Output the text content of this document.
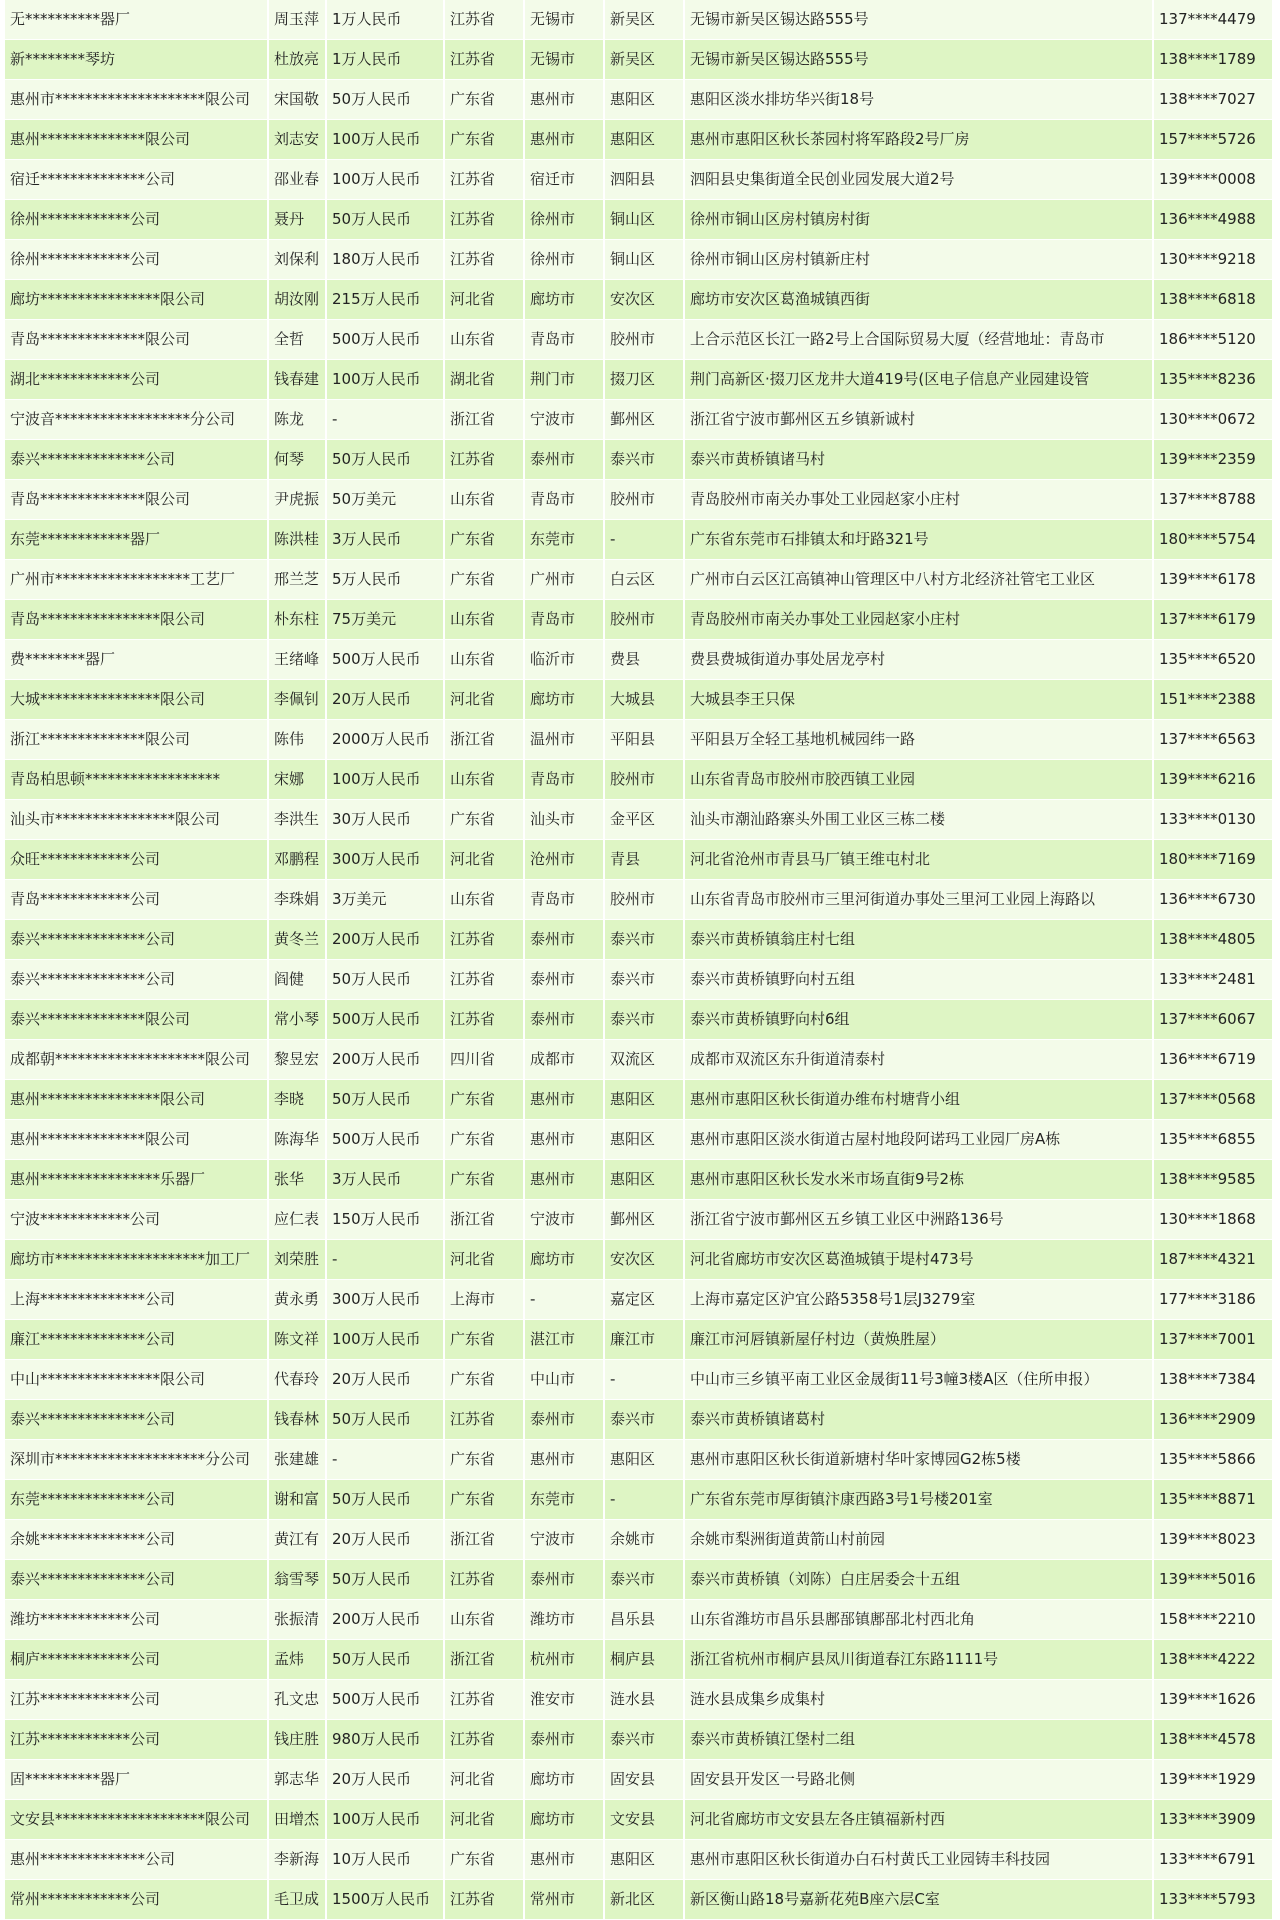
无**********器厂	周玉萍	1万人民币	江苏省	无锡市	新吴区	无锡市新吴区锡达路555号	137****4479
新********琴坊	杜放亮	1万人民币	江苏省	无锡市	新吴区	无锡市新吴区锡达路555号	138****1789
惠州市********************限公司	宋国敬	50万人民币	广东省	惠州市	惠阳区	惠阳区淡水排坊华兴街18号	138****7027
惠州**************限公司	刘志安	100万人民币	广东省	惠州市	惠阳区	惠州市惠阳区秋长茶园村将军路段2号厂房	157****5726
宿迁**************公司	邵业春	100万人民币	江苏省	宿迁市	泗阳县	泗阳县史集街道全民创业园发展大道2号	139****0008
徐州************公司	聂丹	50万人民币	江苏省	徐州市	铜山区	徐州市铜山区房村镇房村街	136****4988
徐州************公司	刘保利	180万人民币	江苏省	徐州市	铜山区	徐州市铜山区房村镇新庄村	130****9218
廊坊****************限公司	胡汝刚	215万人民币	河北省	廊坊市	安次区	廊坊市安次区葛渔城镇西街	138****6818
青岛**************限公司	全哲	500万人民币	山东省	青岛市	胶州市	上合示范区长江一路2号上合国际贸易大厦（经营地址：青岛市	186****5120
湖北************公司	钱春建	100万人民币	湖北省	荆门市	掇刀区	荆门高新区·掇刀区龙井大道419号(区电子信息产业园建设管	135****8236
宁波音******************分公司	陈龙	-	浙江省	宁波市	鄞州区	浙江省宁波市鄞州区五乡镇新诚村	130****0672
泰兴**************公司	何琴	50万人民币	江苏省	泰州市	泰兴市	泰兴市黄桥镇诸马村	139****2359
青岛**************限公司	尹虎振	50万美元	山东省	青岛市	胶州市	青岛胶州市南关办事处工业园赵家小庄村	137****8788
东莞************器厂	陈洪桂	3万人民币	广东省	东莞市	-	广东省东莞市石排镇太和圩路321号	180****5754
广州市******************工艺厂	邢兰芝	5万人民币	广东省	广州市	白云区	广州市白云区江高镇神山管理区中八村方北经济社管宅工业区	139****6178
青岛****************限公司	朴东柱	75万美元	山东省	青岛市	胶州市	青岛胶州市南关办事处工业园赵家小庄村	137****6179
费********器厂	王绪峰	500万人民币	山东省	临沂市	费县	费县费城街道办事处居龙亭村	135****6520
大城****************限公司	李佩钊	20万人民币	河北省	廊坊市	大城县	大城县李王只保	151****2388
浙江**************限公司	陈伟	2000万人民币	浙江省	温州市	平阳县	平阳县万全轻工基地机械园纬一路	137****6563
青岛柏思顿******************	宋娜	100万人民币	山东省	青岛市	胶州市	山东省青岛市胶州市胶西镇工业园	139****6216
汕头市****************限公司	李洪生	30万人民币	广东省	汕头市	金平区	汕头市潮汕路寨头外围工业区三栋二楼	133****0130
众旺************公司	邓鹏程	300万人民币	河北省	沧州市	青县	河北省沧州市青县马厂镇王维屯村北	180****7169
青岛************公司	李珠娟	3万美元	山东省	青岛市	胶州市	山东省青岛市胶州市三里河街道办事处三里河工业园上海路以	136****6730
泰兴**************公司	黄冬兰	200万人民币	江苏省	泰州市	泰兴市	泰兴市黄桥镇翁庄村七组	138****4805
泰兴**************公司	阎健	50万人民币	江苏省	泰州市	泰兴市	泰兴市黄桥镇野向村五组	133****2481
泰兴**************限公司	常小琴	500万人民币	江苏省	泰州市	泰兴市	泰兴市黄桥镇野向村6组	137****6067
成都朝********************限公司	黎昱宏	200万人民币	四川省	成都市	双流区	成都市双流区东升街道清泰村	136****6719
惠州****************限公司	李晓	50万人民币	广东省	惠州市	惠阳区	惠州市惠阳区秋长街道办维布村塘背小组	137****0568
惠州**************限公司	陈海华	500万人民币	广东省	惠州市	惠阳区	惠州市惠阳区淡水街道古屋村地段阿诺玛工业园厂房A栋	135****6855
惠州****************乐器厂	张华	3万人民币	广东省	惠州市	惠阳区	惠州市惠阳区秋长发水米市场直街9号2栋	138****9585
宁波************公司	应仁表	150万人民币	浙江省	宁波市	鄞州区	浙江省宁波市鄞州区五乡镇工业区中洲路136号	130****1868
廊坊市********************加工厂	刘荣胜	-	河北省	廊坊市	安次区	河北省廊坊市安次区葛渔城镇于堤村473号	187****4321
上海**************公司	黄永勇	300万人民币	上海市	-	嘉定区	上海市嘉定区沪宜公路5358号1层J3279室	177****3186
廉江**************公司	陈文祥	100万人民币	广东省	湛江市	廉江市	廉江市河唇镇新屋仔村边（黄焕胜屋）	137****7001
中山****************限公司	代春玲	20万人民币	广东省	中山市	-	中山市三乡镇平南工业区金晟街11号3幢3楼A区（住所申报）	138****7384
泰兴**************公司	钱春林	50万人民币	江苏省	泰州市	泰兴市	泰兴市黄桥镇诸葛村	136****2909
深圳市********************分公司	张建雄	-	广东省	惠州市	惠阳区	惠州市惠阳区秋长街道新塘村华叶家博园G2栋5楼	135****5866
东莞**************公司	谢和富	50万人民币	广东省	东莞市	-	广东省东莞市厚街镇汴康西路3号1号楼201室	135****8871
余姚**************公司	黄江有	20万人民币	浙江省	宁波市	余姚市	余姚市梨洲街道黄箭山村前园	139****8023
泰兴**************公司	翁雪琴	50万人民币	江苏省	泰州市	泰兴市	泰兴市黄桥镇（刘陈）白庄居委会十五组	139****5016
潍坊************公司	张振清	200万人民币	山东省	潍坊市	昌乐县	山东省潍坊市昌乐县鄌郚镇鄌郚北村西北角	158****2210
桐庐************公司	孟炜	50万人民币	浙江省	杭州市	桐庐县	浙江省杭州市桐庐县凤川街道春江东路1111号	138****4222
江苏************公司	孔文忠	500万人民币	江苏省	淮安市	涟水县	涟水县成集乡成集村	139****1626
江苏************公司	钱庄胜	980万人民币	江苏省	泰州市	泰兴市	泰兴市黄桥镇江堡村二组	138****4578
固**********器厂	郭志华	20万人民币	河北省	廊坊市	固安县	固安县开发区一号路北侧	139****1929
文安县********************限公司	田增杰	100万人民币	河北省	廊坊市	文安县	河北省廊坊市文安县左各庄镇福新村西	133****3909
惠州**************公司	李新海	10万人民币	广东省	惠州市	惠阳区	惠州市惠阳区秋长街道办白石村黄氏工业园铸丰科技园	133****6791
常州************公司	毛卫成	1500万人民币	江苏省	常州市	新北区	新区衡山路18号嘉新花苑B座六层C室	133****5793
